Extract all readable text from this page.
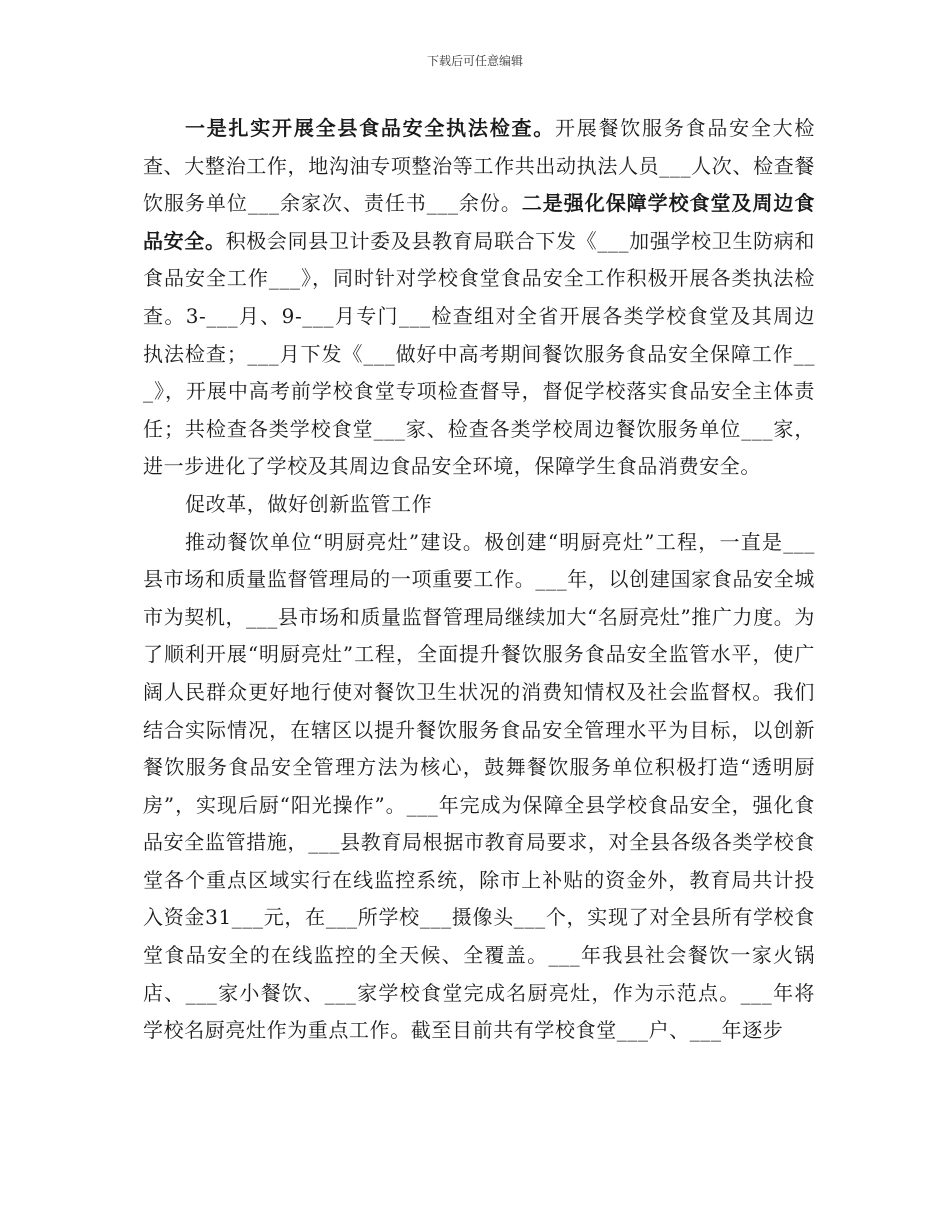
下载后可任意编辑

一是扎实开展全县食品安全执法检查。开展餐饮服务食品安全大检查、大整治工作，地沟油专项整治等工作共出动执法人员___人次、检查餐饮服务单位___余家次、责任书___余份。二是强化保障学校食堂及周边食品安全。积极会同县卫计委及县教育局联合下发《___加强学校卫生防病和食品安全工作___》，同时针对学校食堂食品安全工作积极开展各类执法检查。3-___月、9-___月专门___检查组对全省开展各类学校食堂及其周边执法检查；___月下发《___做好中高考期间餐饮服务食品安全保障工作___》，开展中高考前学校食堂专项检查督导，督促学校落实食品安全主体责任；共检查各类学校食堂___家、检查各类学校周边餐饮服务单位___家，进一步进化了学校及其周边食品安全环境，保障学生食品消费安全。

促改革，做好创新监管工作

推动餐饮单位“明厨亮灶”建设。极创建“明厨亮灶”工程，一直是___县市场和质量监督管理局的一项重要工作。___年，以创建国家食品安全城市为契机，___县市场和质量监督管理局继续加大“名厨亮灶”推广力度。为了顺利开展“明厨亮灶”工程，全面提升餐饮服务食品安全监管水平，使广阔人民群众更好地行使对餐饮卫生状况的消费知情权及社会监督权。我们结合实际情况，在辖区以提升餐饮服务食品安全管理水平为目标，以创新餐饮服务食品安全管理方法为核心，鼓舞餐饮服务单位积极打造“透明厨房”，实现后厨“阳光操作”。___年完成为保障全县学校食品安全，强化食品安全监管措施，___县教育局根据市教育局要求，对全县各级各类学校食堂各个重点区域实行在线监控系统，除市上补贴的资金外，教育局共计投入资金31___元，在___所学校___摄像头___个，实现了对全县所有学校食堂食品安全的在线监控的全天候、全覆盖。___年我县社会餐饮一家火锅店、___家小餐饮、___家学校食堂完成名厨亮灶，作为示范点。___年将学校名厨亮灶作为重点工作。截至目前共有学校食堂___户、___年逐步
